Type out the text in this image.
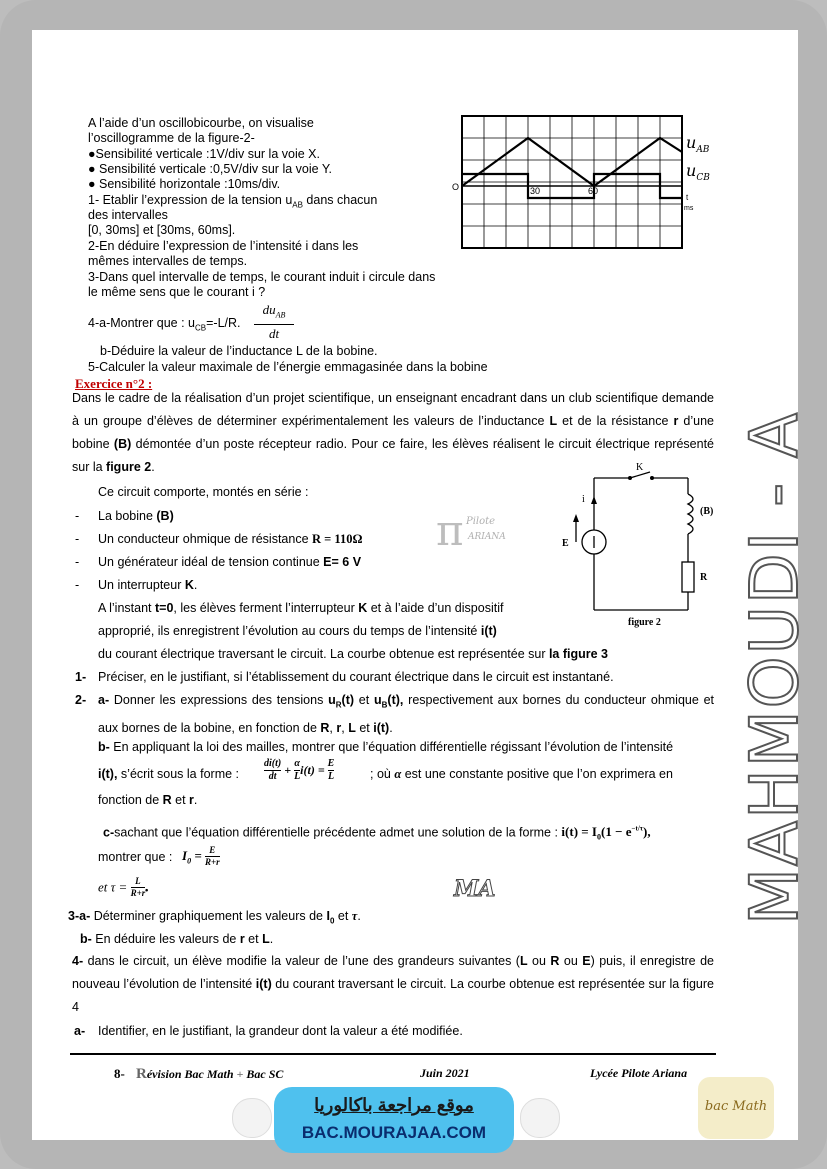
A l’aide d’un oscillobicourbe, on visualise
l’oscillogramme de la figure-2-
●Sensibilité verticale :1V/div sur la voie X.
● Sensibilité verticale :0,5V/div sur la voie Y.
● Sensibilité horizontale :10ms/div.
1- Etablir l’expression de la tension $u_{AB}$ dans chacun
des intervalles
[0, 30ms] et [30ms, 60ms].
2-En déduire l’expression de l’intensité i dans les
mêmes intervalles de temps.
3-Dans quel intervalle de temps, le courant induit i circule dans
le même sens que le courant i ?
4-a-Montrer que : $u_{CB}=-L/R$.
$du_{AB}$
dt
b-Déduire la valeur de l’inductance L de la bobine.
5-Calculer la valeur maximale de l’énergie emmagasinée dans la bobine
O	30	60
t
ms
$u_{AB}$
$u_{CB}$
Exercice n°2 :
Dans le cadre de la réalisation d’un projet scientifique, un enseignant encadrant dans un club scientifique demande à un groupe d’élèves de déterminer expérimentalement les valeurs de l’inductance L et de la résistance r d’une bobine (B) démontée d’un poste récepteur radio. Pour ce faire, les élèves réalisent le circuit électrique représenté sur la figure 2.
Ce circuit comporte, montés en série :
- La bobine (B)
- Un conducteur ohmique de résistance R = 110Ω
- Un générateur idéal de tension continue E= 6 V
- Un interrupteur K.
A l’instant t=0, les élèves ferment l’interrupteur K et à l’aide d’un dispositif
approprié, ils enregistrent l’évolution au cours du temps de l’intensité i(t)
du courant électrique traversant le circuit. La courbe obtenue est représentée sur la figure 3
π Pilote
ARIANA
K
i
E
(B)
R
figure 2
1- Préciser, en le justifiant, si l’établissement du courant électrique dans le circuit est instantané.
2- a- Donner les expressions des tensions $u_R(t)$ et $u_B(t)$, respectivement aux bornes du conducteur ohmique et aux bornes de la bobine, en fonction de R, r, L et i(t).
b- En appliquant la loi des mailles, montrer que l’équation différentielle régissant l’évolution de l’intensité
i(t), s’écrit sous la forme : $\frac{di(t)}{dt} + \frac{\alpha}{L} i(t) = \frac{E}{L}$	; où α est une constante positive que l’on exprimera en
fonction de R et r.
c-sachant que l’équation différentielle précédente admet une solution de la forme : $i(t) = I_0(1 - e^{-t/\tau})$,
montrer que : $I_0 = \frac{E}{R+r}$
et $\tau = \frac{L}{R+r}$ .	MA
3-a- Déterminer graphiquement les valeurs de $I_0$ et τ.
b- En déduire les valeurs de r et L.
4- dans le circuit, un élève modifie la valeur de l’une des grandeurs suivantes (L ou R ou E) puis, il enregistre de nouveau l’évolution de l’intensité i(t) du courant traversant le circuit. La courbe obtenue est représentée sur la figure 4
a- Identifier, en le justifiant, la grandeur dont la valeur a été modifiée.
MAHMOUDI - A
8- Révision Bac Math + Bac SC	Juin 2021	Lycée Pilote Ariana
موقع مراجعة باكالوريا
BAC.MOURAJAA.COM
bac Math
